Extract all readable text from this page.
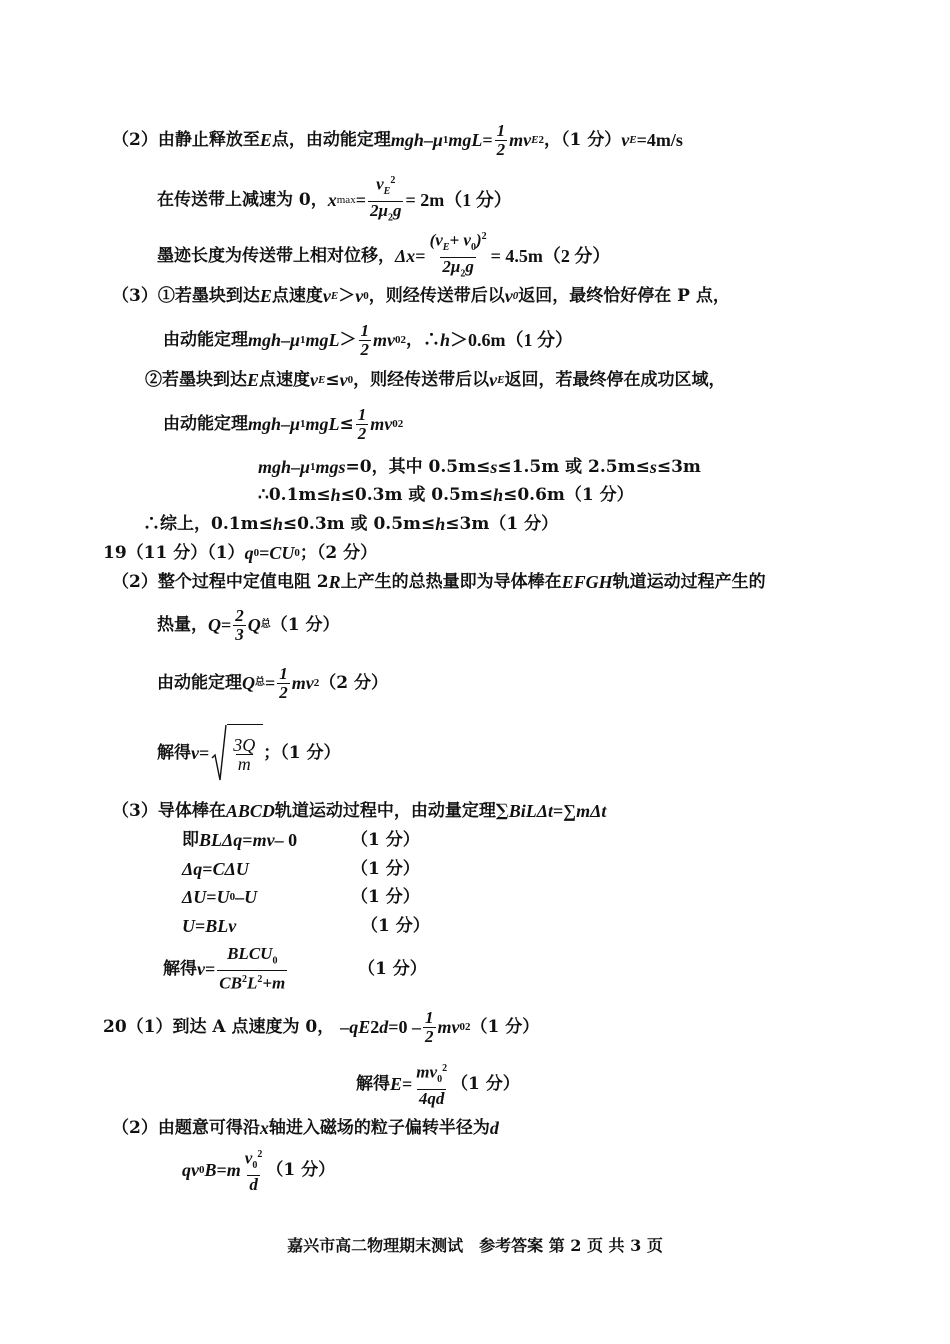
（2）由静止释放至 E 点，由动能定理 mgh – μ 1 mgL = $\frac{1}{2}$ mv E 2 ，（1 分） v E =4m/s
在传送带上减速为 0， x $\max = \frac{v_E^2}{2\mu_2g} = 2m(1$ 分）
墨迹长度为传送带上相对位移， $\Delta x = \frac{(v_E+ v_0)^2}{2\mu_2g} = 4.5m(2$ 分）
（3）①若墨块到达 E 点速度 v E ＞ v 0 ，则经传送带后以 v 0 返回，最终恰好停在 P 点，
由动能定理 mgh – μ 1 mgL ＞ $\frac{1}{2}$ mv 0 2 ，∴ h ＞0.6m（1 分）
②若墨块到达 E 点速度 v E ≤ v 0 ，则经传送带后以 v E 返回，若最终停在成功区域，
由动能定理 mgh – μ 1 mgL ≤ $\frac{1}{2}$ mv 0 2
mgh – μ 1 mgs =0，其中 0.5m≤ s ≤1.5m 或 2.5m≤ s ≤3m
∴0.1m≤ h ≤0.3m 或 0.5m≤ h ≤0.6m（1 分）
∴综上，0.1m≤ h ≤0.3m 或 0.5m≤ h ≤3m（1 分）
19（11 分）（1） q 0 = CU 0 ；（2 分）
（2）整个过程中定值电阻 2 R 上产生的总热量即为导体棒在 EFGH 轨道运动过程产生的
热量， $Q = \frac{2}{3}$ Q 总 （1 分）
由动能定理 Q 总 = $\frac{1}{2}$ mv 2 （2 分）
解得 $v = \frac{3Q}{m}$ ；（1 分）
（3）导体棒在 ABCD 轨道运动过程中，由动量定理∑ BiLΔt =∑ mΔt
即 BLΔq = mv – 0	（1 分）
Δq = CΔU	（1 分）
ΔU = U 0 – U	（1 分）
U = BLv	（1 分）
解得 $v = \frac{BLCU_0}{CB^2L^2+m}$	（1 分）
20（1）到达 A 点速度为 0， –qE 2 $d =0 - \frac{1}{2}$ mv 0 2 （1 分）
解得 $E = \frac{mv_0^2}{4qd} (1$ 分）
（2）由题意可得沿 x 轴进入磁场的粒子偏转半径为 d
qv 0 B = m $\frac{v_0^2}{d} (1$ 分）
嘉兴市高二物理期末测试　参考答案 第 2 页 共 3 页
